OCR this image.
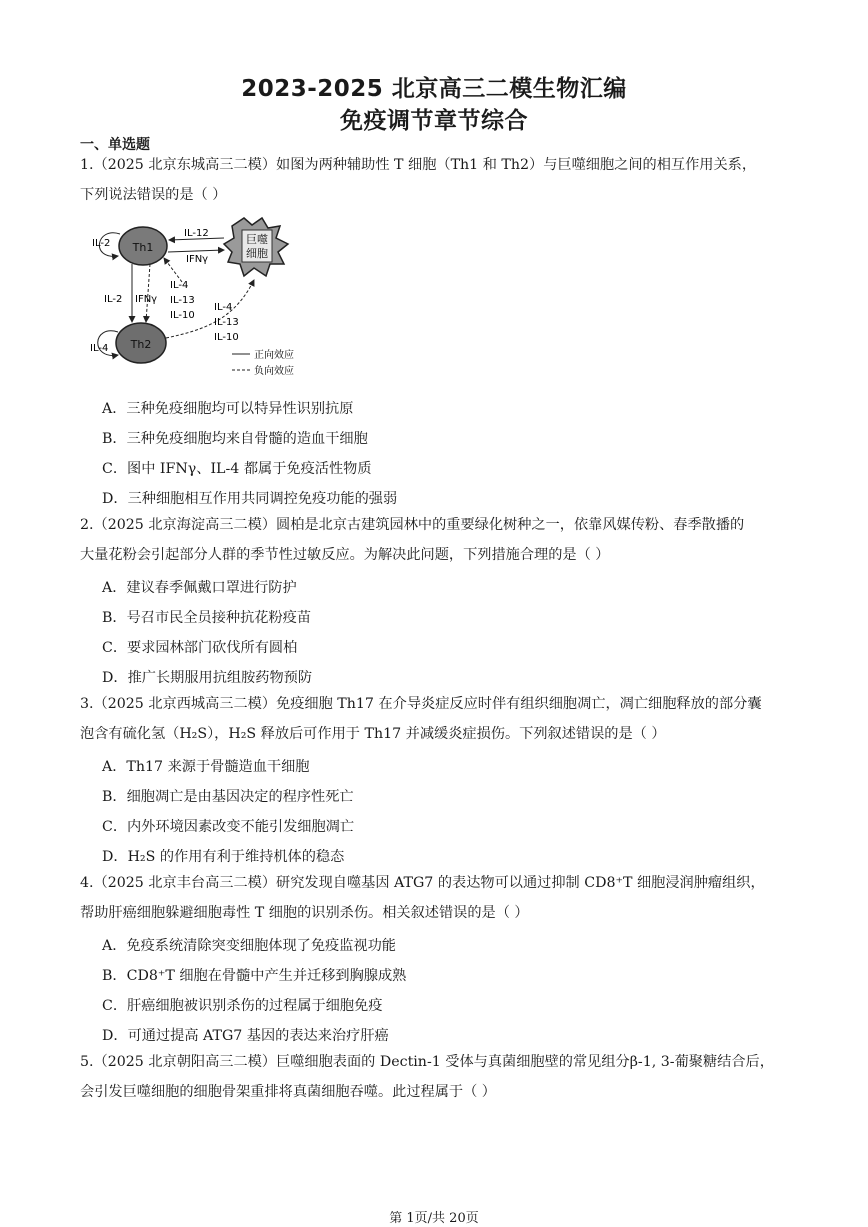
2023-2025 北京高三二模生物汇编
免疫调节章节综合
一、单选题
1.（2025 北京东城高三二模）如图为两种辅助性 T 细胞（Th1 和 Th2）与巨噬细胞之间的相互作用关系，
下列说法错误的是（ ）
Th1
Th2
巨噬
细胞
IL-2
IL-4
IL-12
IFNγ
IL-4
IL-13
IL-10
IL-2 IFNγ
IL-4
IL-13
IL-10
正向效应
负向效应
A．三种免疫细胞均可以特异性识别抗原
B．三种免疫细胞均来自骨髓的造血干细胞
C．图中 IFNγ、IL-4 都属于免疫活性物质
D．三种细胞相互作用共同调控免疫功能的强弱
2.（2025 北京海淀高三二模）圆柏是北京古建筑园林中的重要绿化树种之一，依靠风媒传粉、春季散播的
大量花粉会引起部分人群的季节性过敏反应。为解决此问题，下列措施合理的是（ ）
A．建议春季佩戴口罩进行防护
B．号召市民全员接种抗花粉疫苗
C．要求园林部门砍伐所有圆柏
D．推广长期服用抗组胺药物预防
3.（2025 北京西城高三二模）免疫细胞 Th17 在介导炎症反应时伴有组织细胞凋亡，凋亡细胞释放的部分囊
泡含有硫化氢（H₂S），H₂S 释放后可作用于 Th17 并减缓炎症损伤。下列叙述错误的是（ ）
A．Th17 来源于骨髓造血干细胞
B．细胞凋亡是由基因决定的程序性死亡
C．内外环境因素改变不能引发细胞凋亡
D．H₂S 的作用有利于维持机体的稳态
4.（2025 北京丰台高三二模）研究发现自噬基因 ATG7 的表达物可以通过抑制 CD8⁺T 细胞浸润肿瘤组织，
帮助肝癌细胞躲避细胞毒性 T 细胞的识别杀伤。相关叙述错误的是（ ）
A．免疫系统清除突变细胞体现了免疫监视功能
B．CD8⁺T 细胞在骨髓中产生并迁移到胸腺成熟
C．肝癌细胞被识别杀伤的过程属于细胞免疫
D．可通过提高 ATG7 基因的表达来治疗肝癌
5.（2025 北京朝阳高三二模）巨噬细胞表面的 Dectin-1 受体与真菌细胞壁的常见组分β-1, 3-葡聚糖结合后，
会引发巨噬细胞的细胞骨架重排将真菌细胞吞噬。此过程属于（ ）
第 1页/共 20页
